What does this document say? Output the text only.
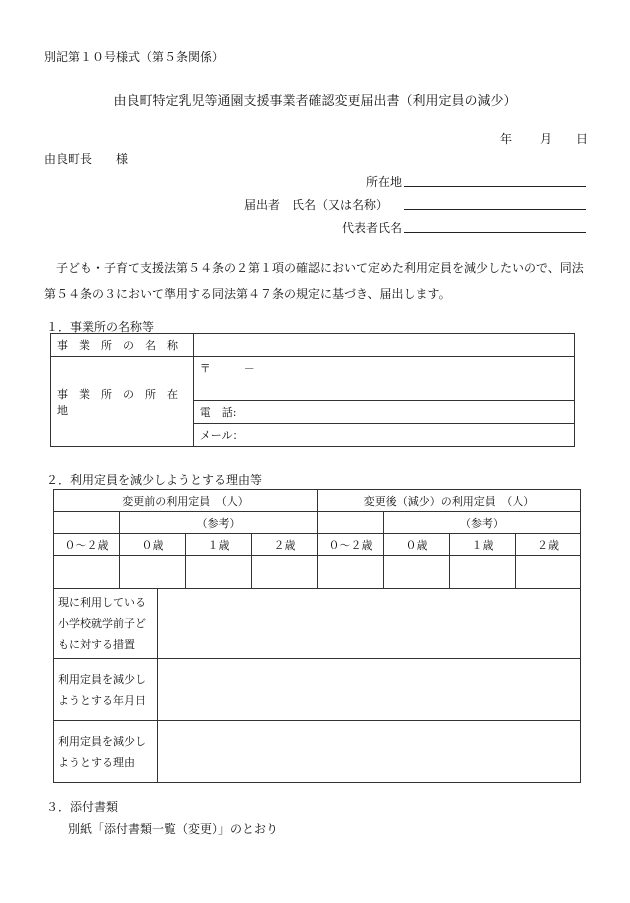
別記第１０号様式（第５条関係）
由良町特定乳児等通園支援事業者確認変更届出書（利用定員の減少）
年 月 日
由良町長　　様
所在地
届出者 氏名（又は名称）
代表者氏名
子ども・子育て支援法第５４条の２第１項の確認において定めた利用定員を減少したいので、同法第５４条の３において準用する同法第４７条の規定に基づき、届出します。
１．事業所の名称等
事　業　所　の　名　称	
事　業　所　の　所　在　地	〒　　　－
	電　話:
	メール：
２．利用定員を減少しようとする理由等
変更前の利用定員　（人）				変更後（減少）の利用定員　（人）			
	（参考）				（参考）		

０～２歳	０歳	１歳	２歳	０～２歳	０歳	１歳	２歳

現に利用している小学校就学前子どもに対する措置	
利用定員を減少しようとする年月日	
利用定員を減少しようとする理由	
３．添付書類
別紙「添付書類一覧（変更）」のとおり
